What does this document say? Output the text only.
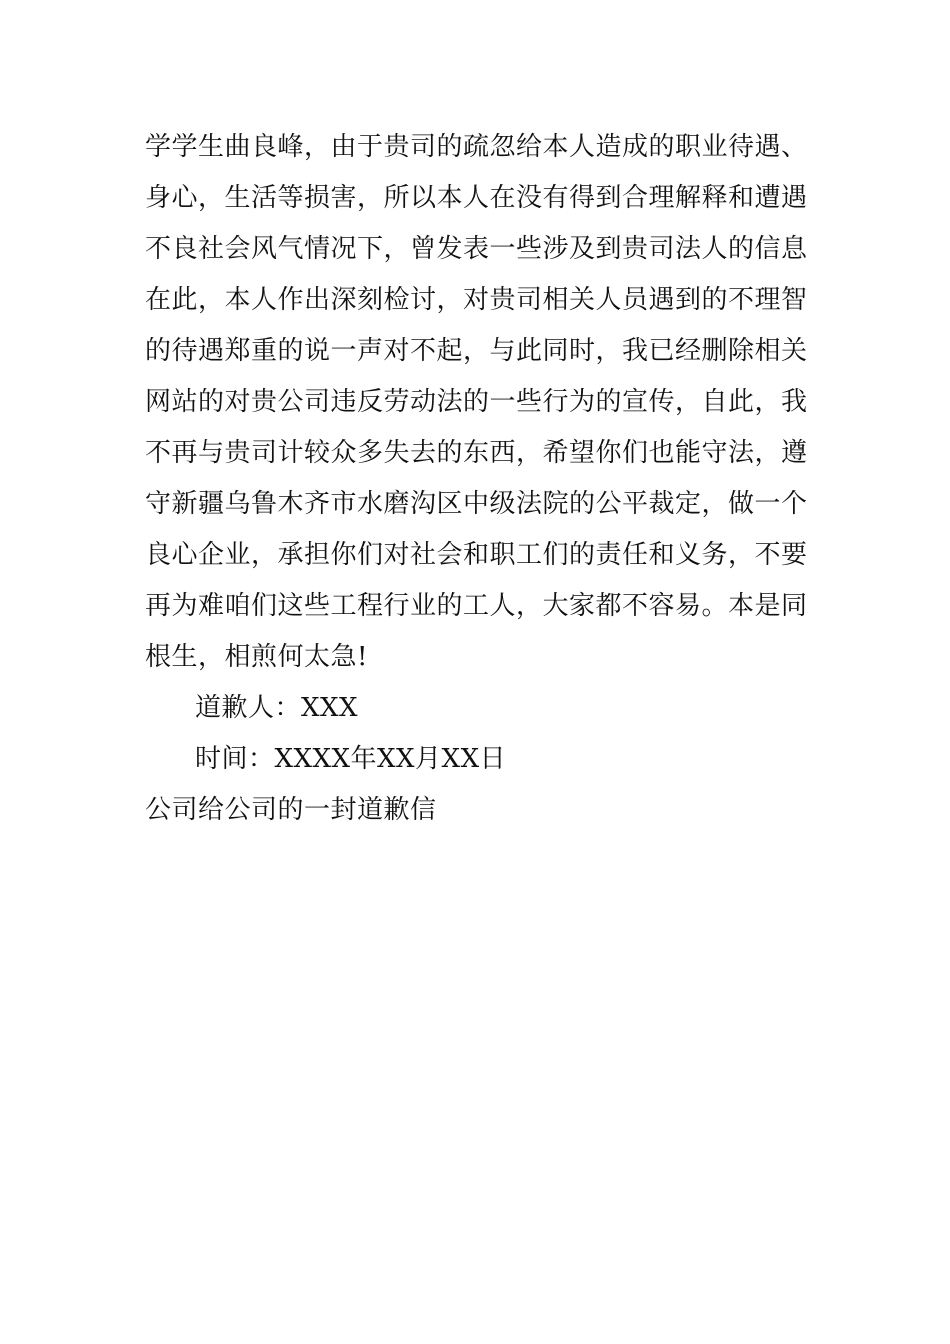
学学生曲良峰，由于贵司的疏忽给本人造成的职业待遇、
身心，生活等损害，所以本人在没有得到合理解释和遭遇
不良社会风气情况下，曾发表一些涉及到贵司法人的信息
在此，本人作出深刻检讨，对贵司相关人员遇到的不理智
的待遇郑重的说一声对不起，与此同时，我已经删除相关
网站的对贵公司违反劳动法的一些行为的宣传，自此，我
不再与贵司计较众多失去的东西，希望你们也能守法，遵
守新疆乌鲁木齐市水磨沟区中级法院的公平裁定，做一个
良心企业，承担你们对社会和职工们的责任和义务，不要
再为难咱们这些工程行业的工人，大家都不容易。本是同
根生，相煎何太急!
道歉人：XXX
时间：XXXX年XX月XX日
公司给公司的一封道歉信
